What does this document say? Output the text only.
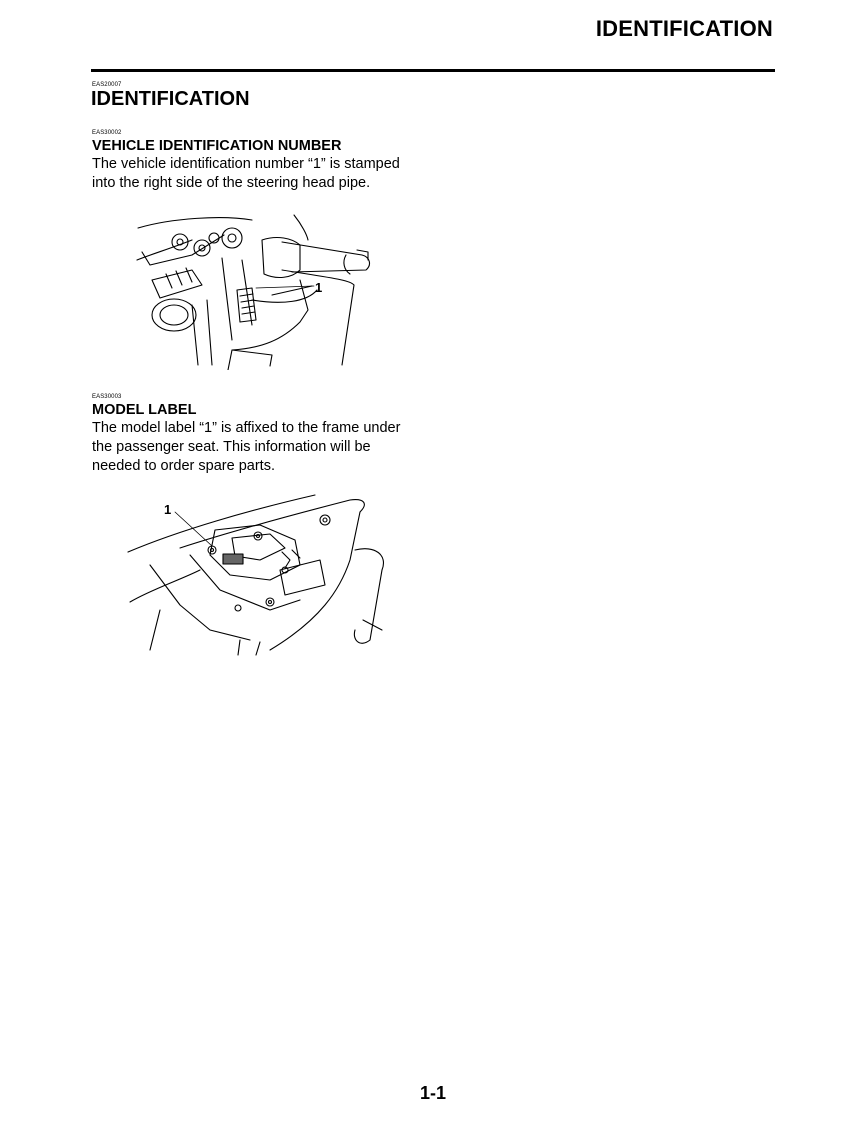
IDENTIFICATION
EAS20007
IDENTIFICATION
EAS30002
VEHICLE IDENTIFICATION NUMBER
The vehicle identification number “1” is stamped
into the right side of the steering head pipe.
1
EAS30003
MODEL LABEL
The model label “1” is affixed to the frame under
the passenger seat. This information will be
needed to order spare parts.
1
1-1
